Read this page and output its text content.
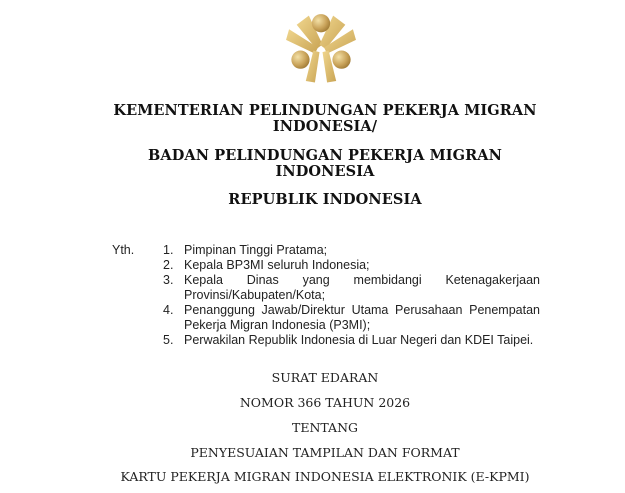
KEMENTERIAN PELINDUNGAN PEKERJA MIGRAN
INDONESIA/
BADAN PELINDUNGAN PEKERJA MIGRAN
INDONESIA
REPUBLIK INDONESIA
Yth. 1. Pimpinan Tinggi Pratama;
2. Kepala BP3MI seluruh Indonesia;
3. Kepala Dinas yang membidangi Ketenagakerjaan Provinsi/Kabupaten/Kota;
4. Penanggung Jawab/Direktur Utama Perusahaan Penempatan Pekerja Migran Indonesia (P3MI);
5. Perwakilan Republik Indonesia di Luar Negeri dan KDEI Taipei.
SURAT EDARAN
NOMOR 366 TAHUN 2026
TENTANG
PENYESUAIAN TAMPILAN DAN FORMAT
KARTU PEKERJA MIGRAN INDONESIA ELEKTRONIK (E-KPMI)
